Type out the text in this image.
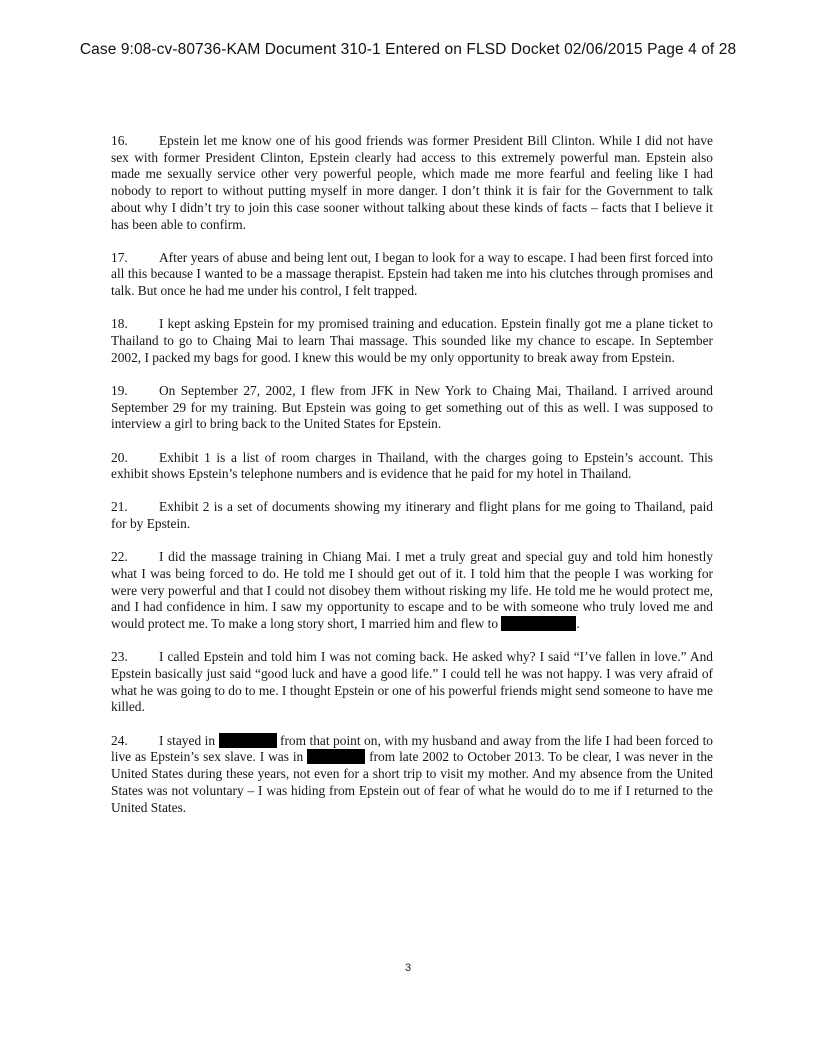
Case 9:08-cv-80736-KAM Document 310-1 Entered on FLSD Docket 02/06/2015 Page 4 of 28

16. Epstein let me know one of his good friends was former President Bill Clinton. While I did not have sex with former President Clinton, Epstein clearly had access to this extremely powerful man. Epstein also made me sexually service other very powerful people, which made me more fearful and feeling like I had nobody to report to without putting myself in more danger. I don’t think it is fair for the Government to talk about why I didn’t try to join this case sooner without talking about these kinds of facts – facts that I believe it has been able to confirm.

17. After years of abuse and being lent out, I began to look for a way to escape. I had been first forced into all this because I wanted to be a massage therapist. Epstein had taken me into his clutches through promises and talk. But once he had me under his control, I felt trapped.

18. I kept asking Epstein for my promised training and education. Epstein finally got me a plane ticket to Thailand to go to Chaing Mai to learn Thai massage. This sounded like my chance to escape. In September 2002, I packed my bags for good. I knew this would be my only opportunity to break away from Epstein.

19. On September 27, 2002, I flew from JFK in New York to Chaing Mai, Thailand. I arrived around September 29 for my training. But Epstein was going to get something out of this as well. I was supposed to interview a girl to bring back to the United States for Epstein.

20. Exhibit 1 is a list of room charges in Thailand, with the charges going to Epstein’s account. This exhibit shows Epstein’s telephone numbers and is evidence that he paid for my hotel in Thailand.

21. Exhibit 2 is a set of documents showing my itinerary and flight plans for me going to Thailand, paid for by Epstein.

22. I did the massage training in Chiang Mai. I met a truly great and special guy and told him honestly what I was being forced to do. He told me I should get out of it. I told him that the people I was working for were very powerful and that I could not disobey them without risking my life. He told me he would protect me, and I had confidence in him. I saw my opportunity to escape and to be with someone who truly loved me and would protect me. To make a long story short, I married him and flew to	.

23. I called Epstein and told him I was not coming back. He asked why? I said “I’ve fallen in love.” And Epstein basically just said “good luck and have a good life.” I could tell he was not happy. I was very afraid of what he was going to do to me. I thought Epstein or one of his powerful friends might send someone to have me killed.

24. I stayed in	from that point on, with my husband and away from the life I had been forced to live as Epstein’s sex slave. I was in	from late 2002 to October 2013. To be clear, I was never in the United States during these years, not even for a short trip to visit my mother. And my absence from the United States was not voluntary – I was hiding from Epstein out of fear of what he would do to me if I returned to the United States.

3
